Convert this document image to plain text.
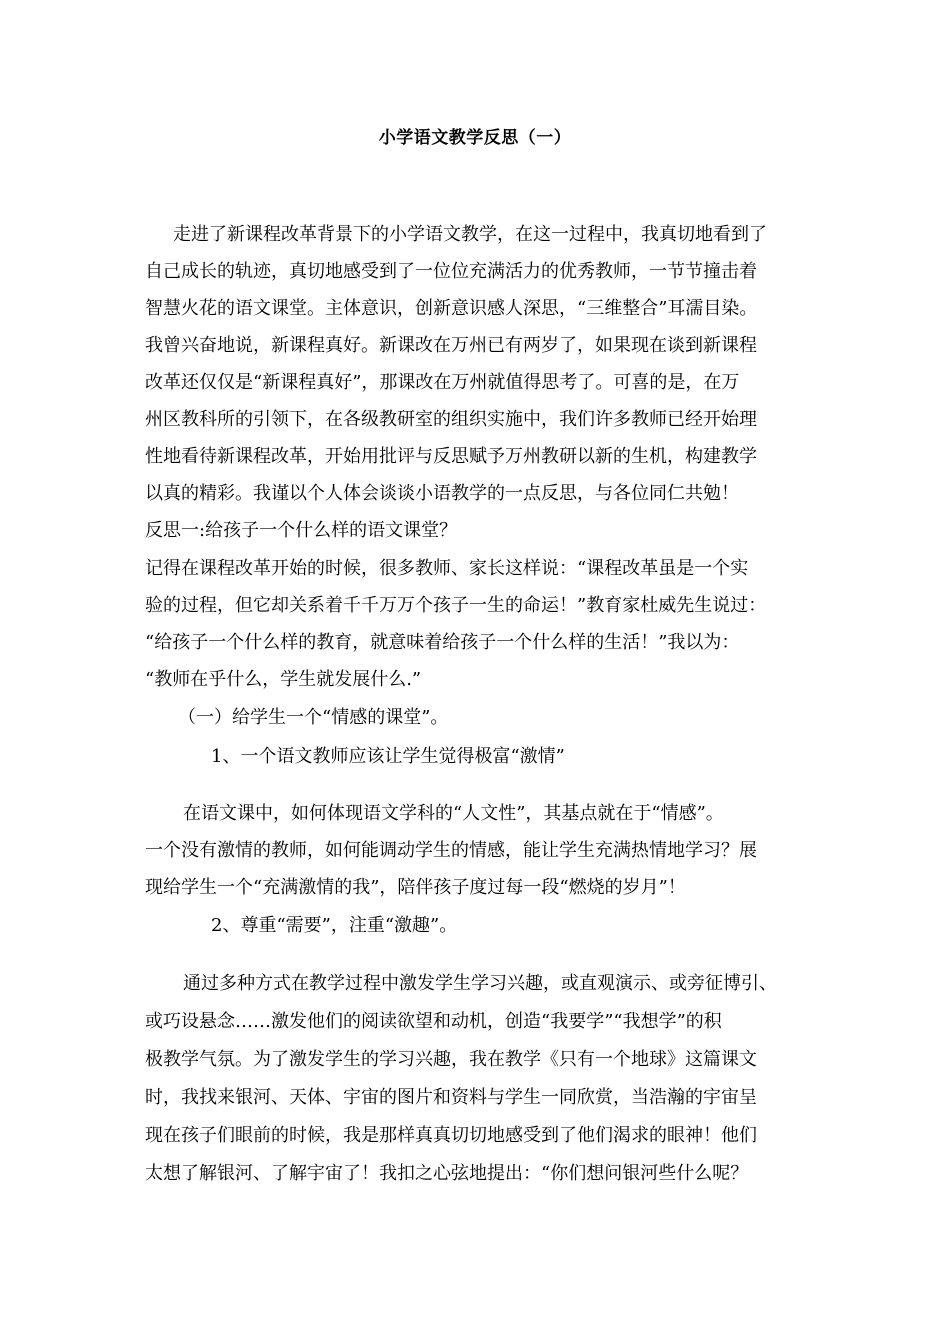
小学语文教学反思（一）
走进了新课程改革背景下的小学语文教学，在这一过程中，我真切地看到了
自己成长的轨迹，真切地感受到了一位位充满活力的优秀教师，一节节撞击着
智慧火花的语文课堂。主体意识，创新意识感人深思，“三维整合”耳濡目染。
我曾兴奋地说，新课程真好。新课改在万州已有两岁了，如果现在谈到新课程
改革还仅仅是“新课程真好”，那课改在万州就值得思考了。可喜的是，在万
州区教科所的引领下，在各级教研室的组织实施中，我们许多教师已经开始理
性地看待新课程改革，开始用批评与反思赋予万州教研以新的生机，构建教学
以真的精彩。我谨以个人体会谈谈小语教学的一点反思，与各位同仁共勉！
反思一:给孩子一个什么样的语文课堂？
记得在课程改革开始的时候，很多教师、家长这样说：“课程改革虽是一个实
验的过程，但它却关系着千千万万个孩子一生的命运！”教育家杜威先生说过：
“给孩子一个什么样的教育，就意味着给孩子一个什么样的生活！”我以为：
“教师在乎什么，学生就发展什么.”
（一）给学生一个“情感的课堂”。
1、一个语文教师应该让学生觉得极富“激情”
在语文课中，如何体现语文学科的“人文性”，其基点就在于“情感”。
一个没有激情的教师，如何能调动学生的情感，能让学生充满热情地学习？展
现给学生一个“充满激情的我”，陪伴孩子度过每一段“燃烧的岁月”！
2、尊重“需要”，注重“激趣”。
通过多种方式在教学过程中激发学生学习兴趣，或直观演示、或旁征博引、
或巧设悬念……激发他们的阅读欲望和动机，创造“我要学”“我想学”的积
极教学气氛。为了激发学生的学习兴趣，我在教学《只有一个地球》这篇课文
时，我找来银河、天体、宇宙的图片和资料与学生一同欣赏，当浩瀚的宇宙呈
现在孩子们眼前的时候，我是那样真真切切地感受到了他们渴求的眼神！他们
太想了解银河、了解宇宙了！我扣之心弦地提出：“你们想问银河些什么呢？
